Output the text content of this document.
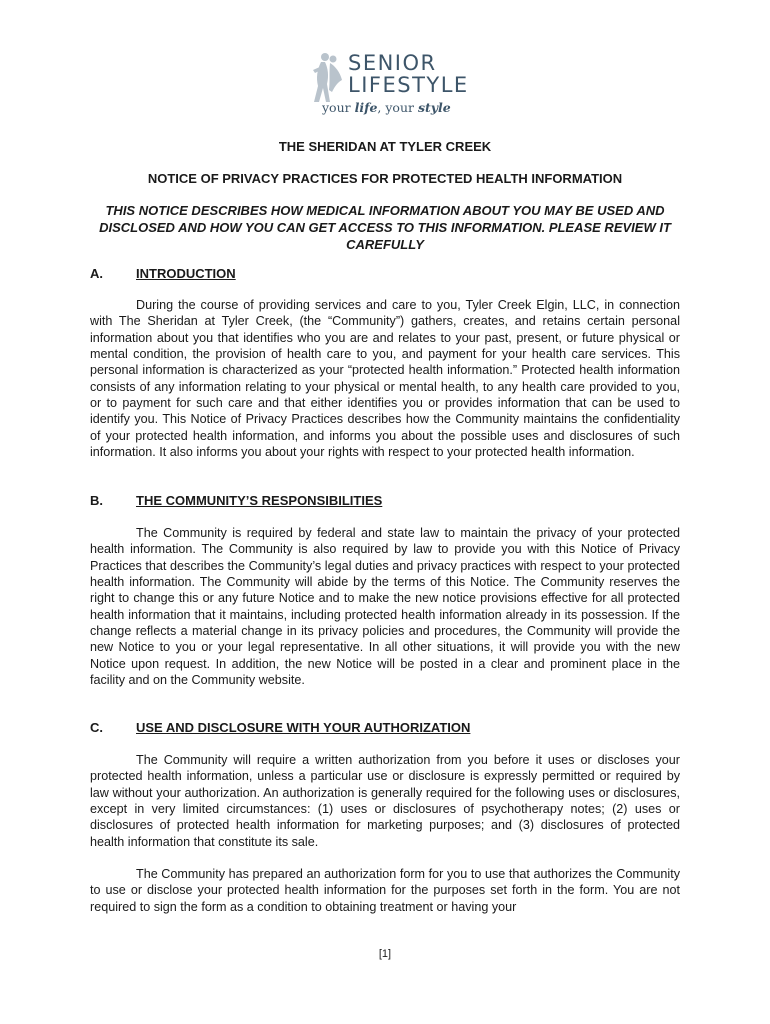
SENIOR
LIFESTYLE
your life, your style
THE SHERIDAN AT TYLER CREEK
NOTICE OF PRIVACY PRACTICES FOR PROTECTED HEALTH INFORMATION
THIS NOTICE DESCRIBES HOW MEDICAL INFORMATION ABOUT YOU MAY BE USED AND DISCLOSED AND HOW YOU CAN GET ACCESS TO THIS INFORMATION. PLEASE REVIEW IT CAREFULLY
A.	INTRODUCTION

During the course of providing services and care to you, Tyler Creek Elgin, LLC, in connection with The Sheridan at Tyler Creek, (the “Community”) gathers, creates, and retains certain personal information about you that identifies who you are and relates to your past, present, or future physical or mental condition, the provision of health care to you, and payment for your health care services. This personal information is characterized as your “protected health information.” Protected health information consists of any information relating to your physical or mental health, to any health care provided to you, or to payment for such care and that either identifies you or provides information that can be used to identify you. This Notice of Privacy Practices describes how the Community maintains the confidentiality of your protected health information, and informs you about the possible uses and disclosures of such information. It also informs you about your rights with respect to your protected health information.

B.	THE COMMUNITY’S RESPONSIBILITIES

The Community is required by federal and state law to maintain the privacy of your protected health information. The Community is also required by law to provide you with this Notice of Privacy Practices that describes the Community’s legal duties and privacy practices with respect to your protected health information. The Community will abide by the terms of this Notice. The Community reserves the right to change this or any future Notice and to make the new notice provisions effective for all protected health information that it maintains, including protected health information already in its possession. If the change reflects a material change in its privacy policies and procedures, the Community will provide the new Notice to you or your legal representative. In all other situations, it will provide you with the new Notice upon request. In addition, the new Notice will be posted in a clear and prominent place in the facility and on the Community website.

C.	USE AND DISCLOSURE WITH YOUR AUTHORIZATION

The Community will require a written authorization from you before it uses or discloses your protected health information, unless a particular use or disclosure is expressly permitted or required by law without your authorization. An authorization is generally required for the following uses or disclosures, except in very limited circumstances: (1) uses or disclosures of psychotherapy notes; (2) uses or disclosures of protected health information for marketing purposes; and (3) disclosures of protected health information that constitute its sale.

The Community has prepared an authorization form for you to use that authorizes the Community to use or disclose your protected health information for the purposes set forth in the form. You are not required to sign the form as a condition to obtaining treatment or having your

[1]
